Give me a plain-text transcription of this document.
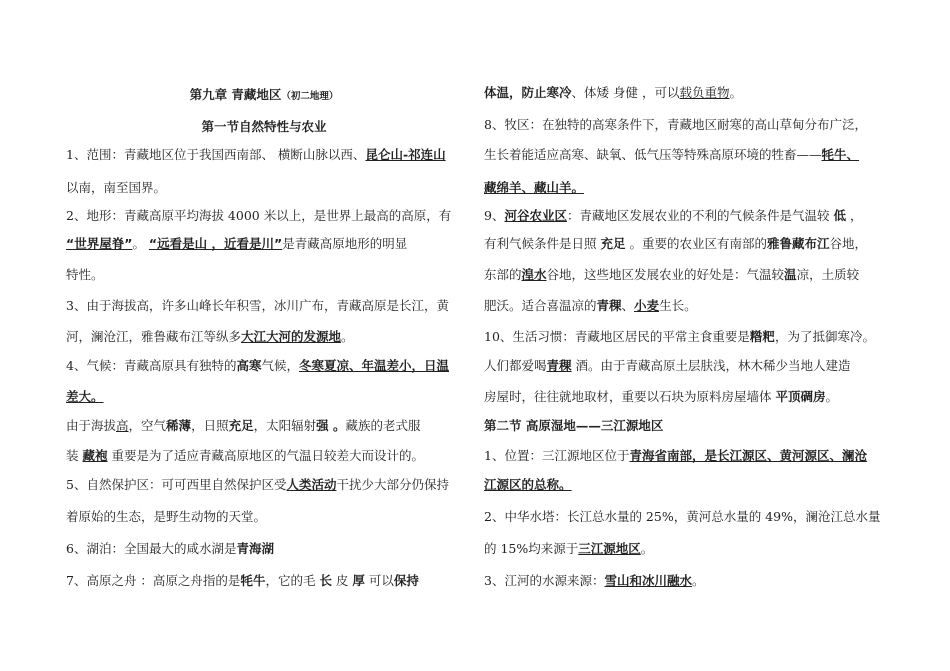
第九章 青藏地区（初二地理）
第一节自然特性与农业
1、范围：青藏地区位于我国西南部、 横断山脉以西、昆仑山-祁连山
以南，南至国界。
2、地形：青藏高原平均海拔 4000 米以上，是世界上最高的高原，有
“世界屋脊”。 “远看是山 ，近看是川”是青藏高原地形的明显
特性。
3、由于海拔高，许多山峰长年积雪，冰川广布，青藏高原是长江，黄
河，澜沧江，雅鲁藏布江等纵多大江大河的发源地。
4、气候：青藏高原具有独特的高寒气候，冬寒夏凉、年温差小，日温
差大。
由于海拔高，空气稀薄，日照充足，太阳辐射强 。藏族的老式服
装 藏袍 重要是为了适应青藏高原地区的气温日较差大而设计的。
5、自然保护区：可可西里自然保护区受人类活动干扰少大部分仍保持
着原始的生态，是野生动物的天堂。
6、湖泊：全国最大的咸水湖是青海湖
7、高原之舟 ：高原之舟指的是牦牛，它的毛 长 皮 厚 可以保持
体温，防止寒冷、体矮 身健 ，可以载负重物。
8、牧区：在独特的高寒条件下，青藏地区耐寒的高山草甸分布广泛，
生长着能适应高寒、缺氧、低气压等特殊高原环境的牲畜——牦牛、
藏绵羊、藏山羊。
9、河谷农业区：青藏地区发展农业的不利的气候条件是气温较 低 ，
有利气候条件是日照 充足 。重要的农业区有南部的雅鲁藏布江谷地，
东部的湟水谷地，这些地区发展农业的好处是：气温较温凉，土质较
肥沃。适合喜温凉的青稞、小麦生长。
10、生活习惯：青藏地区居民的平常主食重要是糌粑，为了抵御寒冷。
人们都爱喝青稞 酒。由于青藏高原土层肤浅，林木稀少当地人建造
房屋时，往往就地取材，重要以石块为原料房屋墙体 平顶碉房。
第二节 高原湿地——三江源地区
1、位置：三江源地区位于青海省南部，是长江源区、黄河源区、澜沧
江源区的总称。
2、中华水塔：长江总水量的 25%，黄河总水量的 49%，澜沧江总水量
的 15%均来源于三江源地区。
3、江河的水源来源：雪山和冰川融水。
